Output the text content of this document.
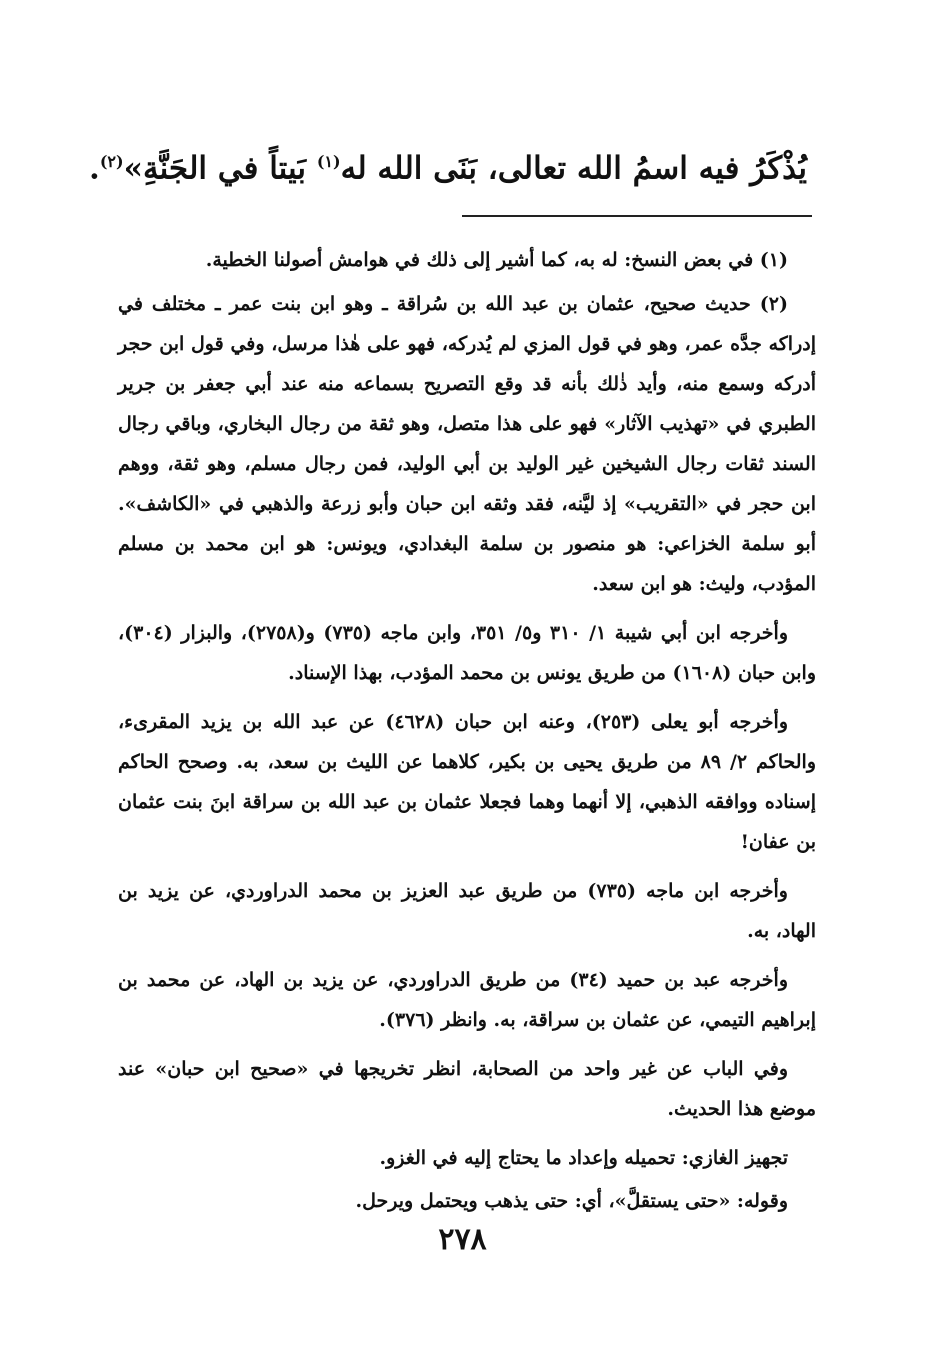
يُذْكَرُ فيه اسمُ الله تعالى، بَنَى الله له$^{(١)}$ بَيتاً في الجَنَّةِ»$^{(٢)}$.

(١) في بعض النسخ: له به، كما أشير إلى ذلك في هوامش أصولنا الخطية.

(٢) حديث صحيح، عثمان بن عبد الله بن سُراقة ـ وهو ابن بنت عمر ـ مختلف في إدراكه جدَّه عمر، وهو في قول المزي لم يُدركه، فهو على هٰذا مرسل، وفي قول ابن حجر أدركه وسمع منه، وأيد ذٰلك بأنه قد وقع التصريح بسماعه منه عند أبي جعفر بن جرير الطبري في «تهذيب الآثار» فهو على هذا متصل، وهو ثقة من رجال البخاري، وباقي رجال السند ثقات رجال الشيخين غير الوليد بن أبي الوليد، فمن رجال مسلم، وهو ثقة، ووهم ابن حجر في «التقريب» إذ ليَّنه، فقد وثقه ابن حبان وأبو زرعة والذهبي في «الكاشف». أبو سلمة الخزاعي: هو منصور بن سلمة البغدادي، ويونس: هو ابن محمد بن مسلم المؤدب، وليث: هو ابن سعد.

وأخرجه ابن أبي شيبة ١/ ٣١٠ و٥/ ٣٥١، وابن ماجه (٧٣٥) و(٢٧٥٨)، والبزار (٣٠٤)، وابن حبان (١٦٠٨) من طريق يونس بن محمد المؤدب، بهذا الإسناد.

وأخرجه أبو يعلى (٢٥٣)، وعنه ابن حبان (٤٦٢٨) عن عبد الله بن يزيد المقرىء، والحاكم ٢/ ٨٩ من طريق يحيى بن بكير، كلاهما عن الليث بن سعد، به. وصحح الحاكم إسناده ووافقه الذهبي، إلا أنهما وهما فجعلا عثمان بن عبد الله بن سراقة ابنَ بنت عثمان بن عفان!

وأخرجه ابن ماجه (٧٣٥) من طريق عبد العزيز بن محمد الدراوردي، عن يزيد بن الهاد، به.

وأخرجه عبد بن حميد (٣٤) من طريق الدراوردي، عن يزيد بن الهاد، عن محمد بن إبراهيم التيمي، عن عثمان بن سراقة، به. وانظر (٣٧٦).

وفي الباب عن غير واحد من الصحابة، انظر تخريجها في «صحيح ابن حبان» عند موضع هذا الحديث.

تجهيز الغازي: تحميله وإعداد ما يحتاج إليه في الغزو.

وقوله: «حتى يستقلَّ»، أي: حتى يذهب ويحتمل ويرحل.

٢٧٨
